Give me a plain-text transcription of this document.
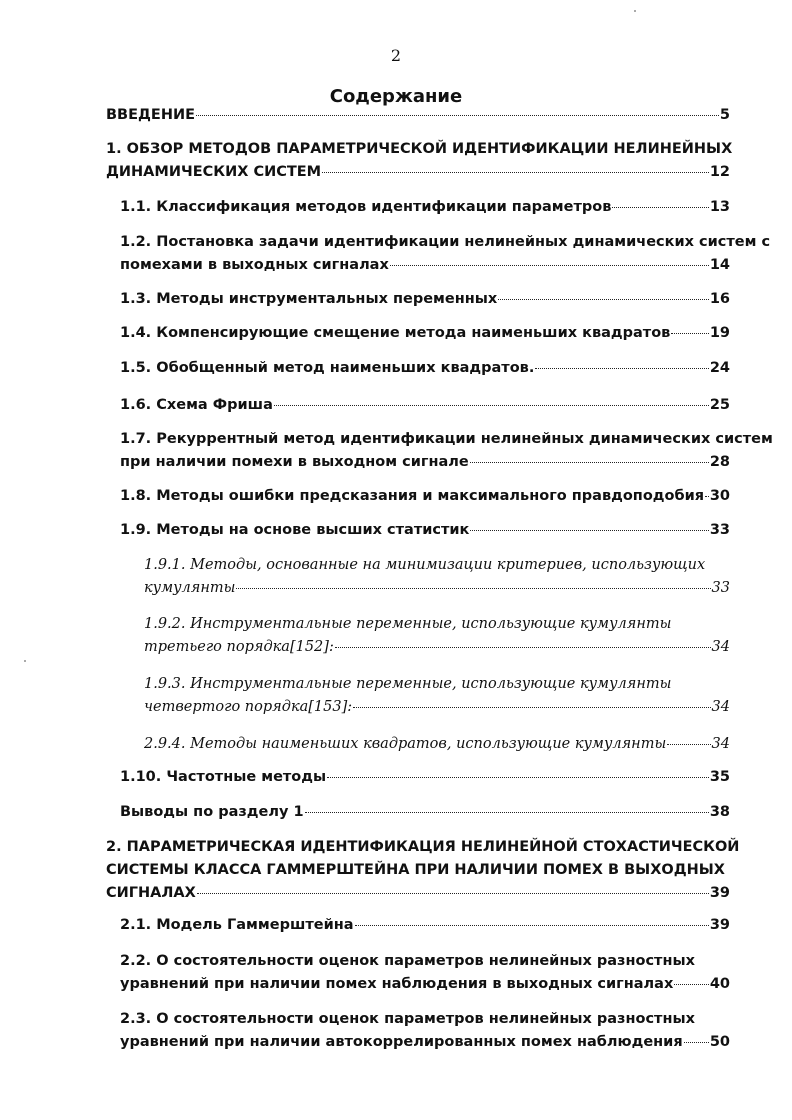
2
Содержание
ВВЕДЕНИЕ	5
1. ОБЗОР МЕТОДОВ ПАРАМЕТРИЧЕСКОЙ ИДЕНТИФИКАЦИИ НЕЛИНЕЙНЫХ
ДИНАМИЧЕСКИХ СИСТЕМ	12
1.1. Классификация методов идентификации параметров	13
1.2. Постановка задачи идентификации нелинейных динамических систем с
помехами в выходных сигналах	14
1.3. Методы инструментальных переменных	16
1.4. Компенсирующие смещение метода наименьших квадратов	19
1.5. Обобщенный метод наименьших квадратов.	24
1.6. Схема Фриша	25
1.7. Рекуррентный метод идентификации нелинейных динамических систем
при наличии помехи в выходном сигнале	28
1.8. Методы ошибки предсказания и максимального правдоподобия 30
1.9. Методы на основе высших статистик	33
1.9.1. Методы, основанные на минимизации критериев, использующих
кумулянты	33
1.9.2. Инструментальные переменные, использующие кумулянты
третьего порядка[152]:	34
1.9.3. Инструментальные переменные, использующие кумулянты
четвертого порядка[153]:	34
2.9.4. Методы наименьших квадратов, использующие кумулянты	34
1.10. Частотные методы	35
Выводы по разделу 1	38
2. ПАРАМЕТРИЧЕСКАЯ ИДЕНТИФИКАЦИЯ НЕЛИНЕЙНОЙ СТОХАСТИЧЕСКОЙ
СИСТЕМЫ КЛАССА ГАММЕРШТЕЙНА ПРИ НАЛИЧИИ ПОМЕХ В ВЫХОДНЫХ
СИГНАЛАХ	39
2.1. Модель Гаммерштейна	39
2.2. О состоятельности оценок параметров нелинейных разностных
уравнений при наличии помех наблюдения в выходных сигналах	40
2.3. О состоятельности оценок параметров нелинейных разностных
уравнений при наличии автокоррелированных помех наблюдения 50
